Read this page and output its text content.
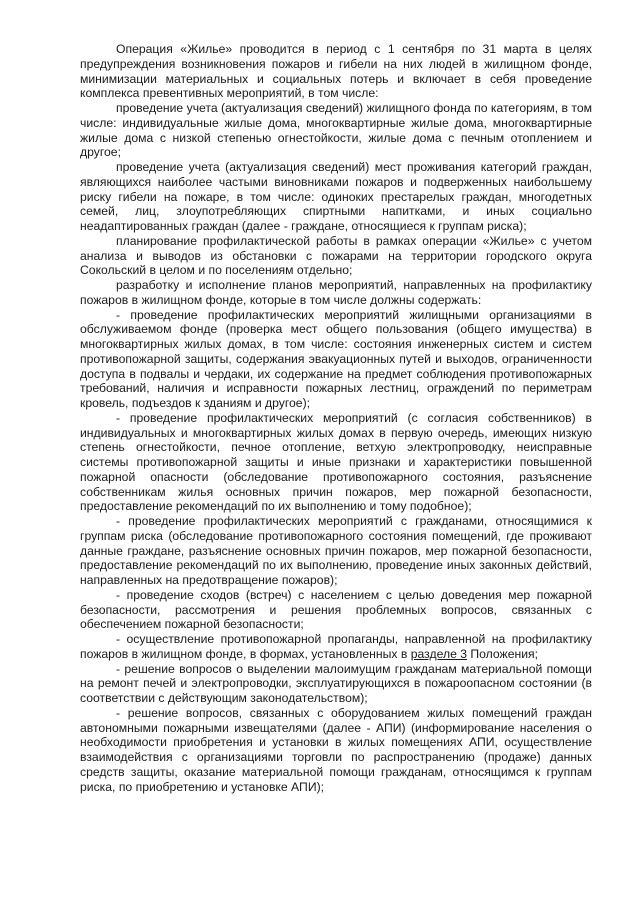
Операция «Жилье» проводится в период с 1 сентября по 31 марта в целях предупреждения возникновения пожаров и гибели на них людей в жилищном фонде, минимизации материальных и социальных потерь и включает в себя проведение комплекса превентивных мероприятий, в том числе:

проведение учета (актуализация сведений) жилищного фонда по категориям, в том числе: индивидуальные жилые дома, многоквартирные жилые дома, многоквартирные жилые дома с низкой степенью огнестойкости, жилые дома с печным отоплением и другое;

проведение учета (актуализация сведений) мест проживания категорий граждан, являющихся наиболее частыми виновниками пожаров и подверженных наибольшему риску гибели на пожаре, в том числе: одиноких престарелых граждан, многодетных семей, лиц, злоупотребляющих спиртными напитками, и иных социально неадаптированных граждан (далее - граждане, относящиеся к группам риска);

планирование профилактической работы в рамках операции «Жилье» с учетом анализа и выводов из обстановки с пожарами на территории городского округа Сокольский в целом и по поселениям отдельно;

разработку и исполнение планов мероприятий, направленных на профилактику пожаров в жилищном фонде, которые в том числе должны содержать:

- проведение профилактических мероприятий жилищными организациями в обслуживаемом фонде (проверка мест общего пользования (общего имущества) в многоквартирных жилых домах, в том числе: состояния инженерных систем и систем противопожарной защиты, содержания эвакуационных путей и выходов, ограниченности доступа в подвалы и чердаки, их содержание на предмет соблюдения противопожарных требований, наличия и исправности пожарных лестниц, ограждений по периметрам кровель, подъездов к зданиям и другое);

- проведение профилактических мероприятий (с согласия собственников) в индивидуальных и многоквартирных жилых домах в первую очередь, имеющих низкую степень огнестойкости, печное отопление, ветхую электропроводку, неисправные системы противопожарной защиты и иные признаки и характеристики повышенной пожарной опасности (обследование противопожарного состояния, разъяснение собственникам жилья основных причин пожаров, мер пожарной безопасности, предоставление рекомендаций по их выполнению и тому подобное);

- проведение профилактических мероприятий с гражданами, относящимися к группам риска (обследование противопожарного состояния помещений, где проживают данные граждане, разъяснение основных причин пожаров, мер пожарной безопасности, предоставление рекомендаций по их выполнению, проведение иных законных действий, направленных на предотвращение пожаров);

- проведение сходов (встреч) с населением с целью доведения мер пожарной безопасности, рассмотрения и решения проблемных вопросов, связанных с обеспечением пожарной безопасности;

- осуществление противопожарной пропаганды, направленной на профилактику пожаров в жилищном фонде, в формах, установленных в разделе 3 Положения;

- решение вопросов о выделении малоимущим гражданам материальной помощи на ремонт печей и электропроводки, эксплуатирующихся в пожароопасном состоянии (в соответствии с действующим законодательством);

- решение вопросов, связанных с оборудованием жилых помещений граждан автономными пожарными извещателями (далее - АПИ) (информирование населения о необходимости приобретения и установки в жилых помещениях АПИ, осуществление взаимодействия с организациями торговли по распространению (продаже) данных средств защиты, оказание материальной помощи гражданам, относящимся к группам риска, по приобретению и установке АПИ);
